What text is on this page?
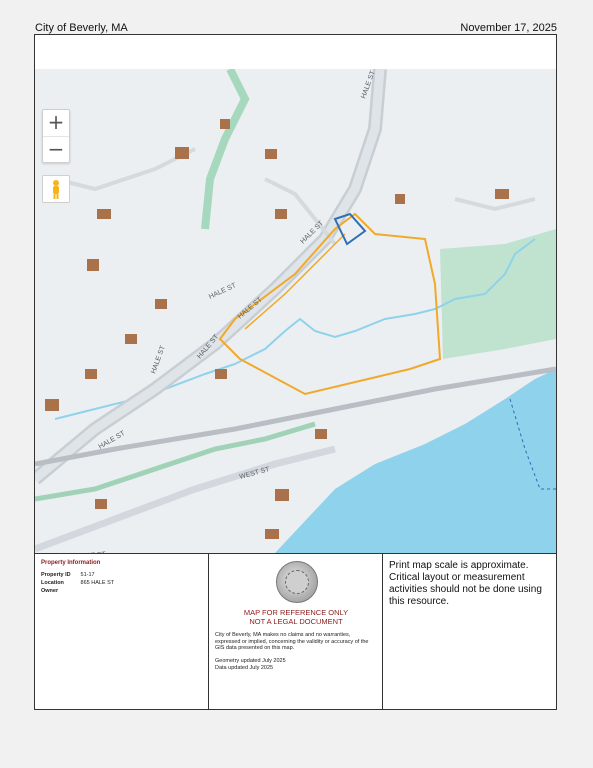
City of Beverly, MA	November 17, 2025
HALE ST
HALE ST
HALE ST
HALE ST
HALE ST	HALE ST
HALE ST
WEST ST
+
−
Property Information
Property ID 51-17
Location	865 HALE ST
Owner
MAP FOR REFERENCE ONLY
NOT A LEGAL DOCUMENT
City of Beverly, MA makes no claims and no warranties, expressed or implied, concerning the validity or accuracy of the GIS data presented on this map.
Geometry updated July 2025
Data updated July 2025
Print map scale is approximate. Critical layout or measurement activities should not be done using this resource.
